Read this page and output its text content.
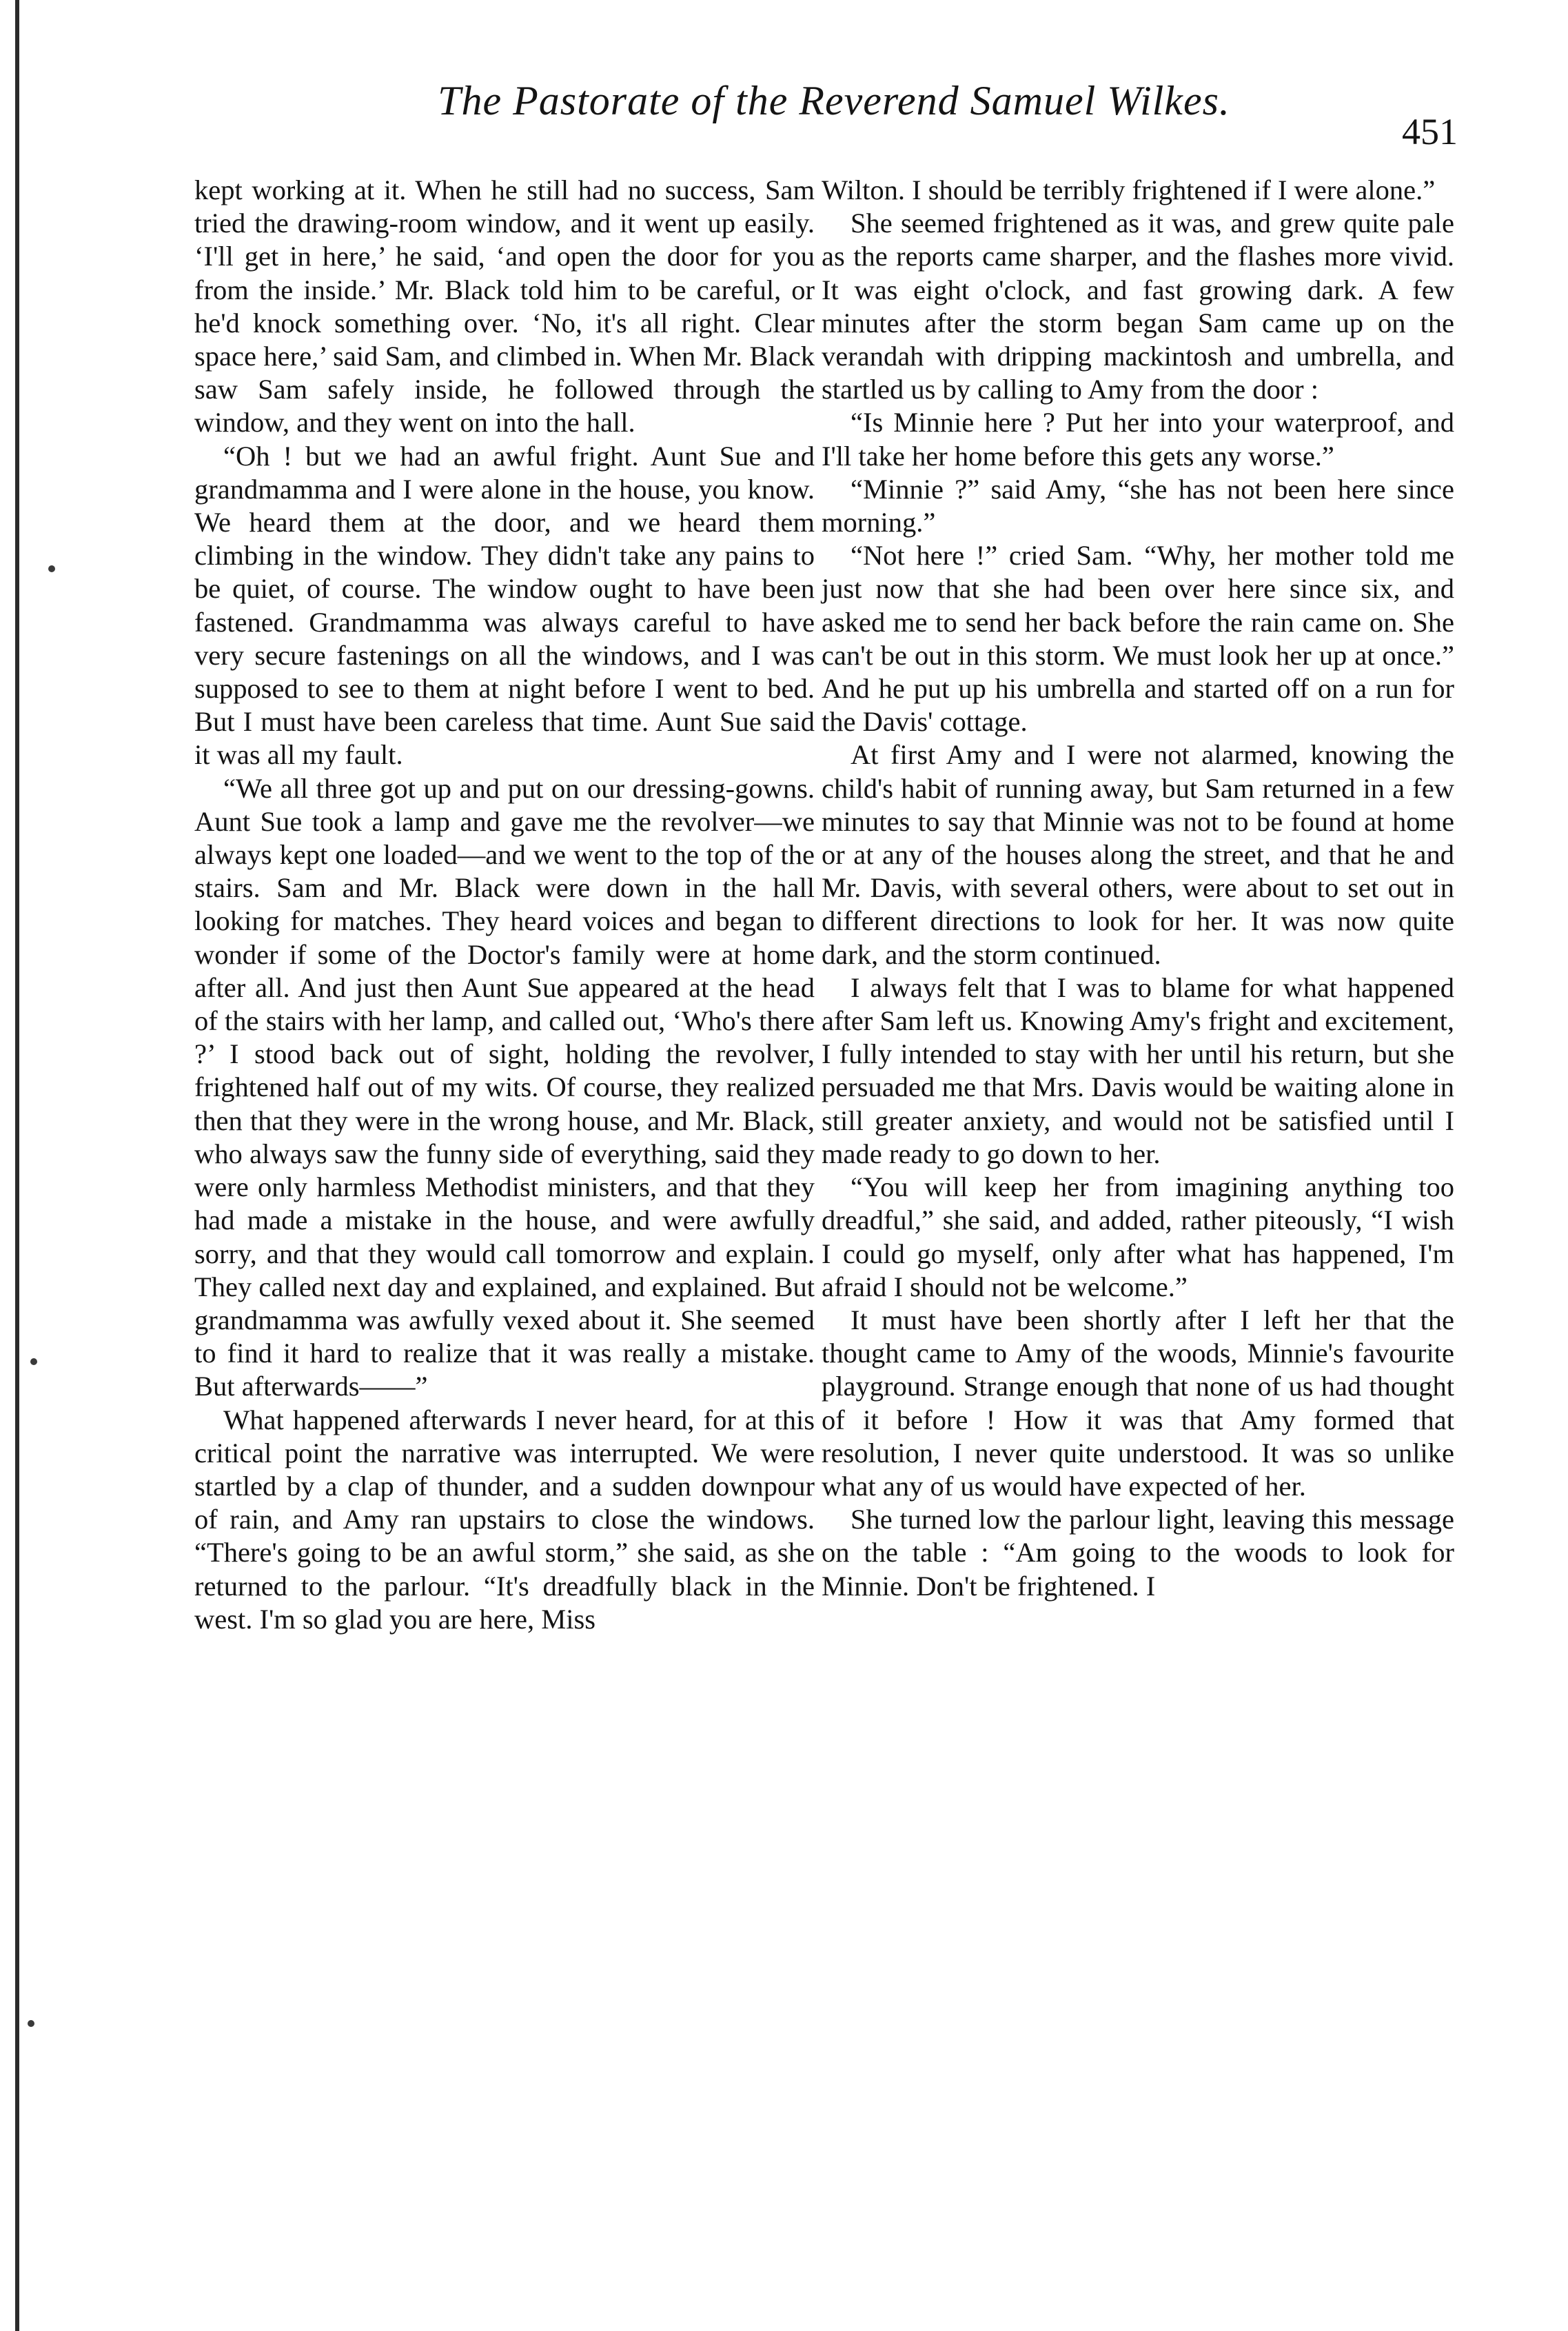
The Pastorate of the Reverend Samuel Wilkes.
451

kept working at it. When he still had no success, Sam tried the drawing-room window, and it went up easily. ‘I'll get in here,’ he said, ‘and open the door for you from the inside.’ Mr. Black told him to be careful, or he'd knock something over. ‘No, it's all right. Clear space here,’ said Sam, and climbed in. When Mr. Black saw Sam safely inside, he followed through the window, and they went on into the hall.

“Oh ! but we had an awful fright. Aunt Sue and grandmamma and I were alone in the house, you know. We heard them at the door, and we heard them climbing in the window. They didn't take any pains to be quiet, of course. The window ought to have been fastened. Grandmamma was always careful to have very secure fastenings on all the windows, and I was supposed to see to them at night before I went to bed. But I must have been careless that time. Aunt Sue said it was all my fault.

“We all three got up and put on our dressing-gowns. Aunt Sue took a lamp and gave me the revolver—we always kept one loaded—and we went to the top of the stairs. Sam and Mr. Black were down in the hall looking for matches. They heard voices and began to wonder if some of the Doctor's family were at home after all. And just then Aunt Sue appeared at the head of the stairs with her lamp, and called out, ‘Who's there ?’ I stood back out of sight, holding the revolver, frightened half out of my wits. Of course, they realized then that they were in the wrong house, and Mr. Black, who always saw the funny side of everything, said they were only harmless Methodist ministers, and that they had made a mistake in the house, and were awfully sorry, and that they would call tomorrow and explain. They called next day and explained, and explained. But grandmamma was awfully vexed about it. She seemed to find it hard to realize that it was really a mistake. But afterwards——”

What happened afterwards I never heard, for at this critical point the narrative was interrupted. We were startled by a clap of thunder, and a sudden downpour of rain, and Amy ran upstairs to close the windows. “There's going to be an awful storm,” she said, as she returned to the parlour. “It's dreadfully black in the west. I'm so glad you are here, Miss

Wilton. I should be terribly frightened if I were alone.”

She seemed frightened as it was, and grew quite pale as the reports came sharper, and the flashes more vivid. It was eight o'clock, and fast growing dark. A few minutes after the storm began Sam came up on the verandah with dripping mackintosh and umbrella, and startled us by calling to Amy from the door :

“Is Minnie here ? Put her into your waterproof, and I'll take her home before this gets any worse.”

“Minnie ?” said Amy, “she has not been here since morning.”

“Not here !” cried Sam. “Why, her mother told me just now that she had been over here since six, and asked me to send her back before the rain came on. She can't be out in this storm. We must look her up at once.” And he put up his umbrella and started off on a run for the Davis' cottage.

At first Amy and I were not alarmed, knowing the child's habit of running away, but Sam returned in a few minutes to say that Minnie was not to be found at home or at any of the houses along the street, and that he and Mr. Davis, with several others, were about to set out in different directions to look for her. It was now quite dark, and the storm continued.

I always felt that I was to blame for what happened after Sam left us. Knowing Amy's fright and excitement, I fully intended to stay with her until his return, but she persuaded me that Mrs. Davis would be waiting alone in still greater anxiety, and would not be satisfied until I made ready to go down to her.

“You will keep her from imagining anything too dreadful,” she said, and added, rather piteously, “I wish I could go myself, only after what has happened, I'm afraid I should not be welcome.”

It must have been shortly after I left her that the thought came to Amy of the woods, Minnie's favourite playground. Strange enough that none of us had thought of it before ! How it was that Amy formed that resolution, I never quite understood. It was so unlike what any of us would have expected of her.

She turned low the parlour light, leaving this message on the table : “Am going to the woods to look for Minnie. Don't be frightened. I
